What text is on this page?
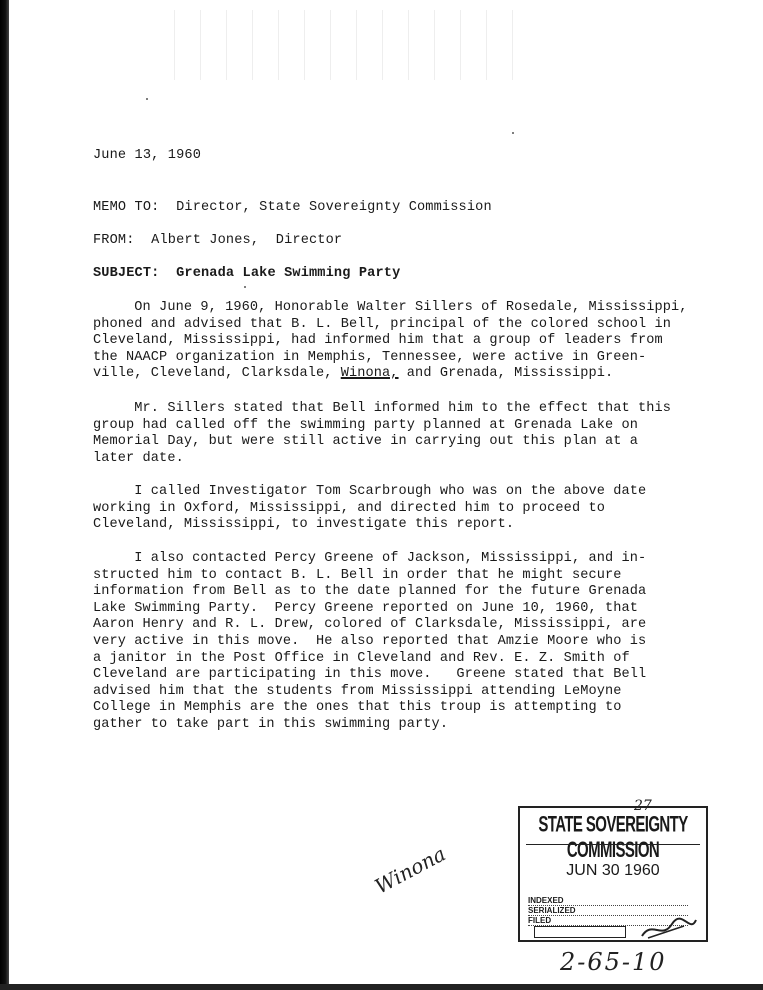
June 13, 1960
MEMO TO:  Director, State Sovereignty Commission
FROM:  Albert Jones,  Director
SUBJECT:  Grenada Lake Swimming Party
On June 9, 1960, Honorable Walter Sillers of Rosedale, Mississippi,
phoned and advised that B. L. Bell, principal of the colored school in
Cleveland, Mississippi, had informed him that a group of leaders from
the NAACP organization in Memphis, Tennessee, were active in Green-
ville, Cleveland, Clarksdale, Winona, and Grenada, Mississippi.
Mr. Sillers stated that Bell informed him to the effect that this
group had called off the swimming party planned at Grenada Lake on
Memorial Day, but were still active in carrying out this plan at a
later date.
I called Investigator Tom Scarbrough who was on the above date
working in Oxford, Mississippi, and directed him to proceed to
Cleveland, Mississippi, to investigate this report.
I also contacted Percy Greene of Jackson, Mississippi, and in-
structed him to contact B. L. Bell in order that he might secure
information from Bell as to the date planned for the future Grenada
Lake Swimming Party.  Percy Greene reported on June 10, 1960, that
Aaron Henry and R. L. Drew, colored of Clarksdale, Mississippi, are
very active in this move.  He also reported that Amzie Moore who is
a janitor in the Post Office in Cleveland and Rev. E. Z. Smith of
Cleveland are participating in this move.   Greene stated that Bell
advised him that the students from Mississippi attending LeMoyne
College in Memphis are the ones that this troup is attempting to
gather to take part in this swimming party.
STATE SOVEREIGNTY COMMISSION
JUN 30 1960
INDEXED
SERIALIZED
FILED
27
Winona
2-65-10
